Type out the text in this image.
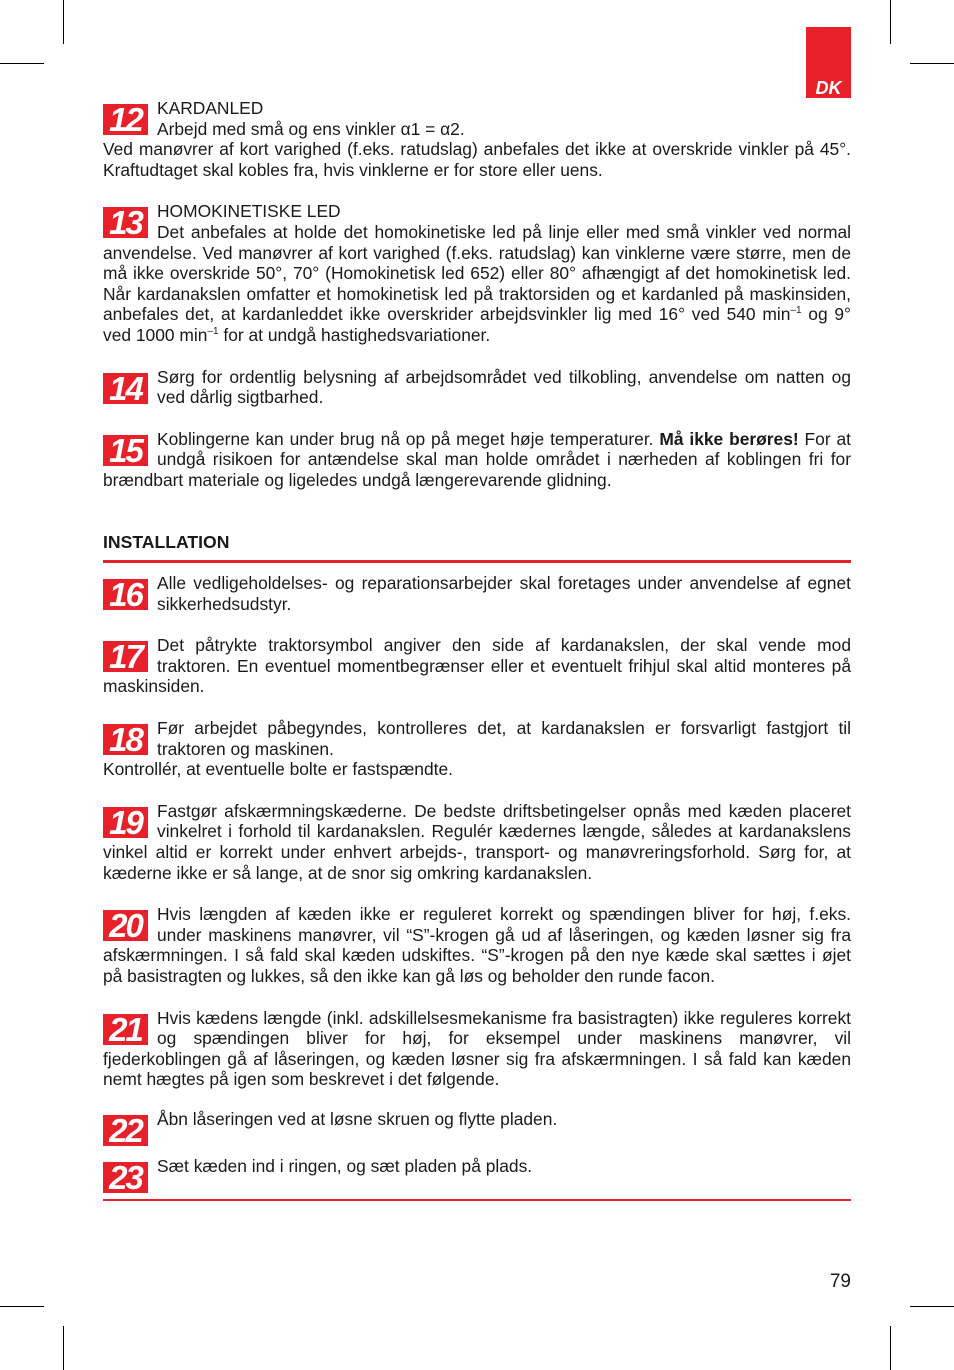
DK
12 KARDANLED
Arbejd med små og ens vinkler α1 = α2.
Ved manøvrer af kort varighed (f.eks. ratudslag) anbefales det ikke at overskride vinkler på 45°. Kraftudtaget skal kobles fra, hvis vinklerne er for store eller uens.
13 HOMOKINETISKE LED
Det anbefales at holde det homokinetiske led på linje eller med små vinkler ved normal anvendelse. Ved manøvrer af kort varighed (f.eks. ratudslag) kan vinklerne være større, men de må ikke overskride 50°, 70° (Homokinetisk led 652) eller 80° afhængigt af det homokinetisk led. Når kardanakslen omfatter et homokinetisk led på traktorsiden og et kardanled på maskinsiden, anbefales det, at kardanleddet ikke overskrider arbejdsvinkler lig med 16° ved 540 $\min^{-1}$ og 9° ved 1000 $\min^{-1}$ for at undgå hastighedsvariationer.
14 Sørg for ordentlig belysning af arbejdsområdet ved tilkobling, anvendelse om natten og ved dårlig sigtbarhed.
15 Koblingerne kan under brug nå op på meget høje temperaturer. Må ikke berøres! For at undgå risikoen for antændelse skal man holde området i nærheden af koblingen fri for brændbart materiale og ligeledes undgå længerevarende glidning.
INSTALLATION
16 Alle vedligeholdelses- og reparationsarbejder skal foretages under anvendelse af egnet sikkerhedsudstyr.
17 Det påtrykte traktorsymbol angiver den side af kardanakslen, der skal vende mod traktoren. En eventuel momentbegrænser eller et eventuelt frihjul skal altid monteres på maskinsiden.
18 Før arbejdet påbegyndes, kontrolleres det, at kardanakslen er forsvarligt fastgjort til traktoren og maskinen.
Kontrollér, at eventuelle bolte er fastspændte.
19 Fastgør afskærmningskæderne. De bedste driftsbetingelser opnås med kæden placeret vinkelret i forhold til kardanakslen. Regulér kædernes længde, således at kardanakslens vinkel altid er korrekt under enhvert arbejds-, transport- og manøvreringsforhold. Sørg for, at kæderne ikke er så lange, at de snor sig omkring kardanakslen.
20 Hvis længden af kæden ikke er reguleret korrekt og spændingen bliver for høj, f.eks. under maskinens manøvrer, vil “S”-krogen gå ud af låseringen, og kæden løsner sig fra afskærmningen. I så fald skal kæden udskiftes. “S”-krogen på den nye kæde skal sættes i øjet på basistragten og lukkes, så den ikke kan gå løs og beholder den runde facon.
21 Hvis kædens længde (inkl. adskillelsesmekanisme fra basistragten) ikke reguleres korrekt og spændingen bliver for høj, for eksempel under maskinens manøvrer, vil fjederkoblingen gå af låseringen, og kæden løsner sig fra afskærmningen. I så fald kan kæden nemt hægtes på igen som beskrevet i det følgende.
22 Åbn låseringen ved at løsne skruen og flytte pladen.
23 Sæt kæden ind i ringen, og sæt pladen på plads.
79
